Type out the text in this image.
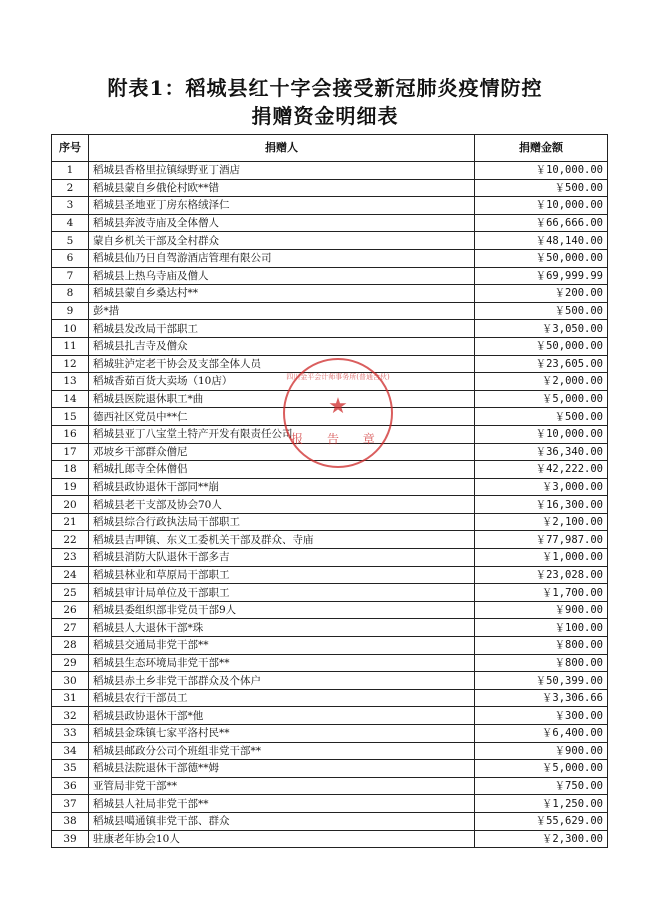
附表1：稻城县红十字会接受新冠肺炎疫情防控
捐赠资金明细表
序号	捐赠人	捐赠金额
1	稻城县香格里拉镇绿野亚丁酒店	￥10,000.00
2	稻城县蒙自乡俄伦村欧**错	￥500.00
3	稻城县圣地亚丁房东格绒泽仁	￥10,000.00
4	稻城县奔波寺庙及全体僧人	￥66,666.00
5	蒙自乡机关干部及全村群众	￥48,140.00
6	稻城县仙乃日自驾游酒店管理有限公司	￥50,000.00
7	稻城县上热乌寺庙及僧人	￥69,999.99
8	稻城县蒙自乡桑达村**	￥200.00
9	彭*措	￥500.00
10	稻城县发改局干部职工	￥3,050.00
11	稻城县扎吉寺及僧众	￥50,000.00
12	稻城驻泸定老干协会及支部全体人员	￥23,605.00
13	稻城香茹百货大卖场（10店）	￥2,000.00
14	稻城县医院退休职工*曲	￥5,000.00
15	德西社区党员中**仁	￥500.00
16	稻城县亚丁八宝堂土特产开发有限责任公司	￥10,000.00
17	邓坡乡干部群众僧尼	￥36,340.00
18	稻城扎郎寺全体僧侣	￥42,222.00
19	稻城县政协退休干部同**崩	￥3,000.00
20	稻城县老干支部及协会70人	￥16,300.00
21	稻城县综合行政执法局干部职工	￥2,100.00
22	稻城县吉呷镇、东义工委机关干部及群众、寺庙	￥77,987.00
23	稻城县消防大队退休干部多吉	￥1,000.00
24	稻城县林业和草原局干部职工	￥23,028.00
25	稻城县审计局单位及干部职工	￥1,700.00
26	稻城县委组织部非党员干部9人	￥900.00
27	稻城县人大退休干部*珠	￥100.00
28	稻城县交通局非党干部**	￥800.00
29	稻城县生态环境局非党干部**	￥800.00
30	稻城县赤土乡非党干部群众及个体户	￥50,399.00
31	稻城县农行干部员工	￥3,306.66
32	稻城县政协退休干部*他	￥300.00
33	稻城县金珠镇七家平洛村民**	￥6,400.00
34	稻城县邮政分公司个班组非党干部**	￥900.00
35	稻城县法院退休干部德**姆	￥5,000.00
36	亚管局非党干部**	￥750.00
37	稻城县人社局非党干部**	￥1,250.00
38	稻城县噶通镇非党干部、群众	￥55,629.00
39	驻康老年协会10人	￥2,300.00
四川金平会计师事务所(普通合伙)
★
报 告 章
